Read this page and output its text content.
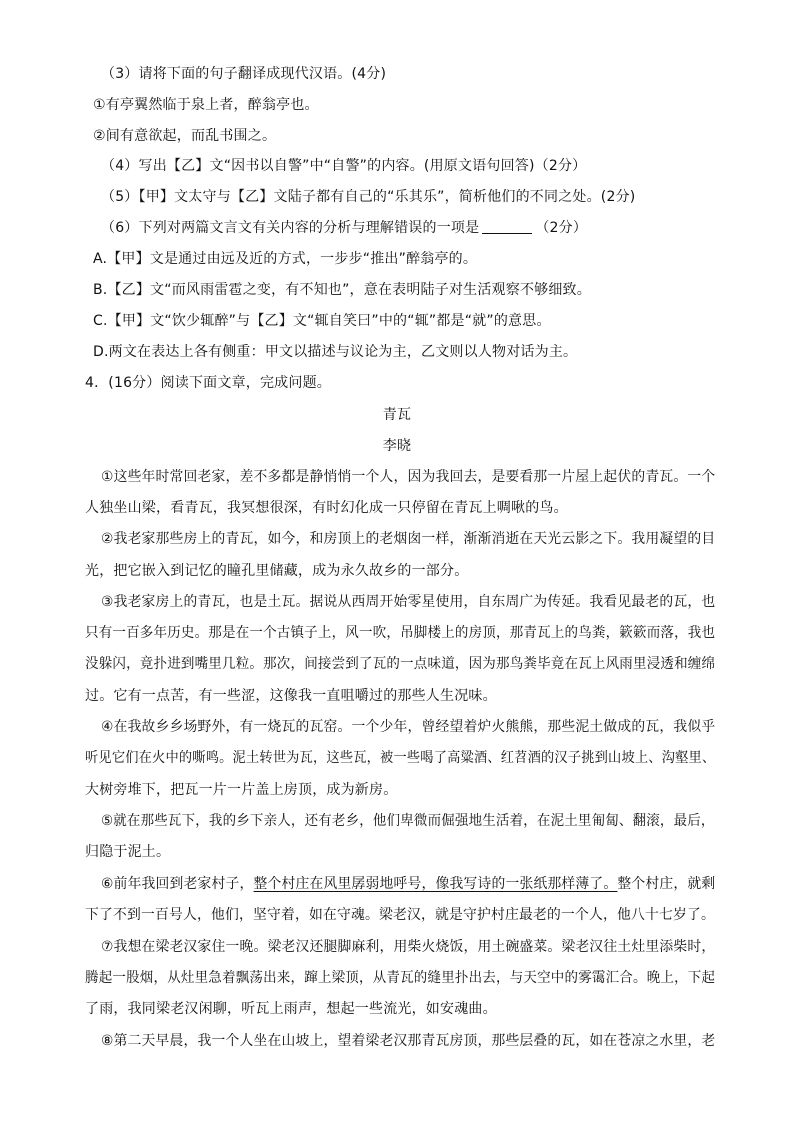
（3）请将下面的句子翻译成现代汉语。(4分)
①有亭翼然临于泉上者，醉翁亭也。
②间有意欲起，而乱书围之。
（4）写出【乙】文“因书以自警”中“自警”的内容。(用原文语句回答)（2分）
（5）【甲】文太守与【乙】文陆子都有自己的“乐其乐”，简析他们的不同之处。(2分)
（6）下列对两篇文言文有关内容的分析与理解错误的一项是	（2分）
A.【甲】文是通过由远及近的方式，一步步“推出”醉翁亭的。
B.【乙】文“而风雨雷雹之变，有不知也”，意在表明陆子对生活观察不够细致。
C.【甲】文“饮少辄醉”与【乙】文“辄自笑曰”中的“辄”都是“就”的意思。
D.两文在表达上各有侧重：甲文以描述与议论为主，乙文则以人物对话为主。
4．(16分）阅读下面文章，完成问题。
青瓦
李晓
①这些年时常回老家，差不多都是静悄悄一个人，因为我回去，是要看那一片屋上起伏的青瓦。一个
人独坐山梁，看青瓦，我冥想很深，有时幻化成一只停留在青瓦上啁啾的鸟。
②我老家那些房上的青瓦，如今，和房顶上的老烟囱一样，渐渐消逝在天光云影之下。我用凝望的目
光，把它嵌入到记忆的瞳孔里储藏，成为永久故乡的一部分。
③我老家房上的青瓦，也是土瓦。据说从西周开始零星使用，自东周广为传延。我看见最老的瓦，也
只有一百多年历史。那是在一个古镇子上，风一吹，吊脚楼上的房顶，那青瓦上的鸟粪，簌簌而落，我也
没躲闪，竟扑进到嘴里几粒。那次，间接尝到了瓦的一点味道，因为那鸟粪毕竟在瓦上风雨里浸透和缠绵
过。它有一点苦，有一些涩，这像我一直咀嚼过的那些人生况味。
④在我故乡乡场野外，有一烧瓦的瓦窑。一个少年，曾经望着炉火熊熊，那些泥土做成的瓦，我似乎
听见它们在火中的嘶鸣。泥土转世为瓦，这些瓦，被一些喝了高粱酒、红苕酒的汉子挑到山坡上、沟壑里、
大树旁堆下，把瓦一片一片盖上房顶，成为新房。
⑤就在那些瓦下，我的乡下亲人，还有老乡，他们卑微而倔强地生活着，在泥土里匍匐、翻滚，最后，
归隐于泥土。
⑥前年我回到老家村子，整个村庄在风里孱弱地呼号，像我写诗的一张纸那样薄了。整个村庄，就剩
下了不到一百号人，他们，坚守着，如在守魂。梁老汉，就是守护村庄最老的一个人，他八十七岁了。
⑦我想在梁老汉家住一晚。梁老汉还腿脚麻利，用柴火烧饭，用土碗盛菜。梁老汉往土灶里添柴时，
腾起一股烟，从灶里急着飘荡出来，蹿上梁顶，从青瓦的缝里扑出去，与天空中的雾霭汇合。晚上，下起
了雨，我同梁老汉闲聊，听瓦上雨声，想起一些流光，如安魂曲。
⑧第二天早晨，我一个人坐在山坡上，望着梁老汉那青瓦房顶，那些层叠的瓦，如在苍凉之水里，老
